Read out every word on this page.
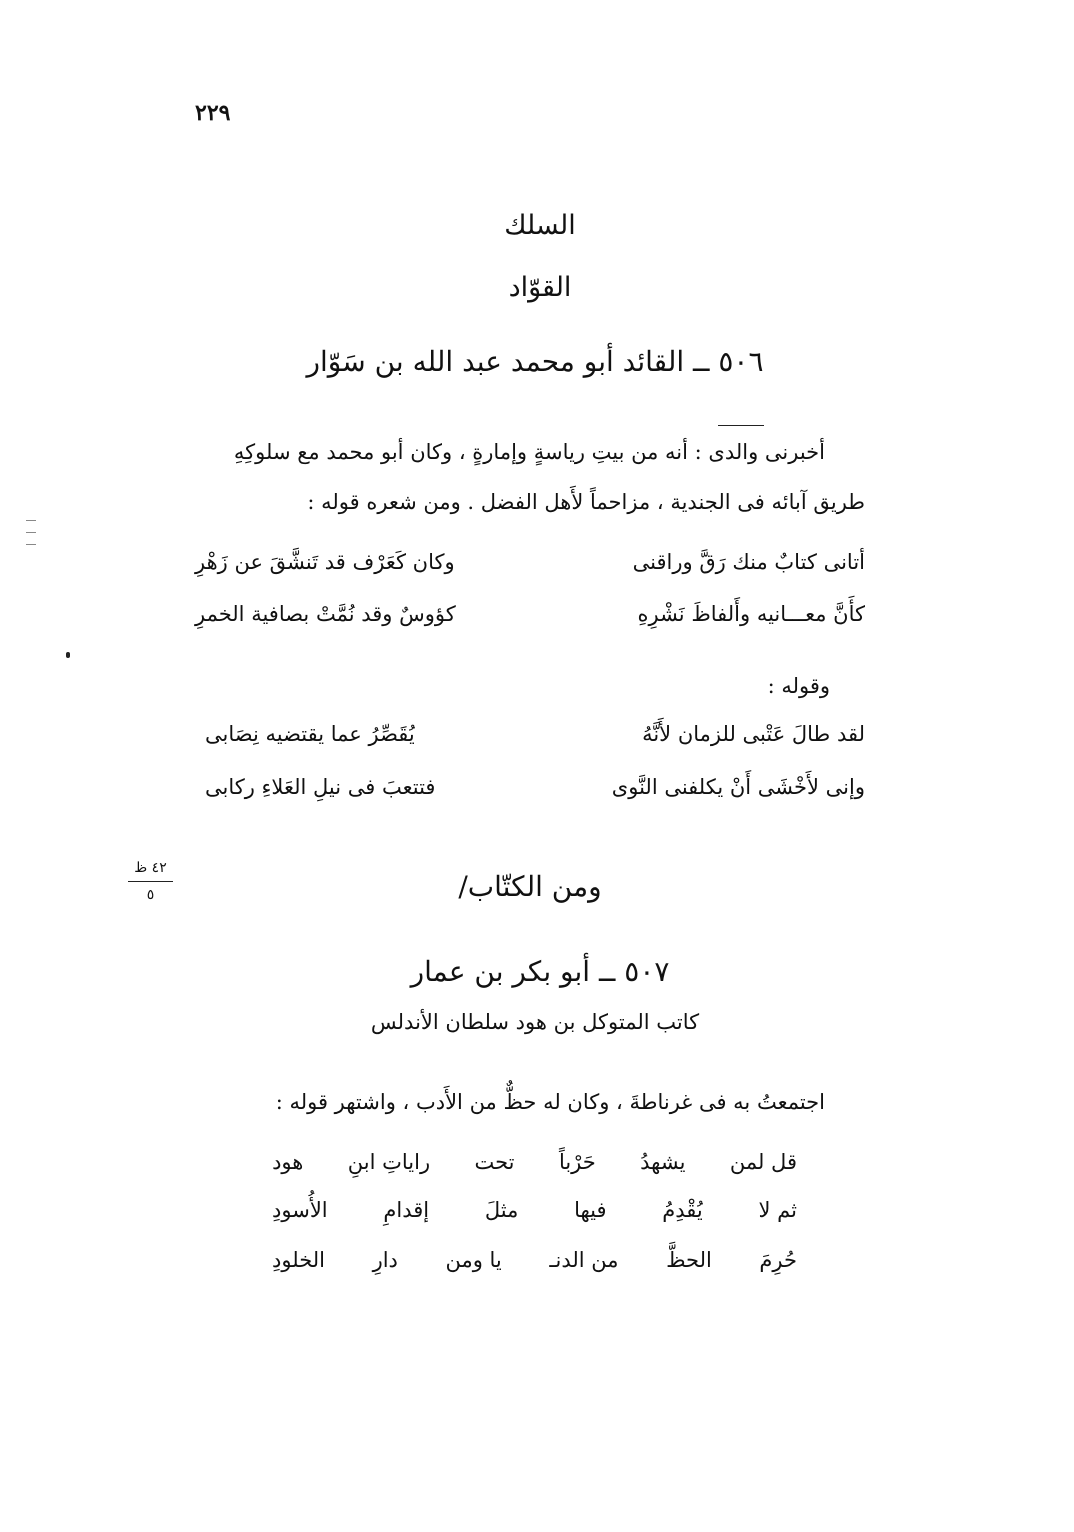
٢٢٩
السلك
القوّاد
٥٠٦ ــ القائد أبو محمد عبد الله بن سَوّار
أخبرنى والدى : أنه من بيتِ رياسةٍ وإمارةٍ ، وكان أبو محمد مع سلوكِهِ
طريق آبائه فى الجندية ، مزاحماً لأَهل الفضل . ومن شعره قوله :
أتانى كتابٌ منك رَقَّ وراقنى
وكان كَعَرْف قد تَنشَّقَ عن زَهْرِ
كأَنَّ معـــانيه وأَلفاظَ نَشْرِهِ
كؤوسٌ وقد نُمَّتْ بصافية الخمرِ
وقوله :
لقد طالَ عَتْبى للزمان لأَنَّهُ
يُقَصِّرُ عما يقتضيه نِصَابى
وإنى لأَخْشَى أَنْ يكلفنى النَّوى
فتتعبَ فى نيلِ العَلاءِ ركابى
٤٢ ظ
٥	/ومن الكتّاب
٥٠٧ ــ أبو بكر بن عمار
كاتب المتوكل بن هود سلطان الأندلس
اجتمعتُ به فى غرناطةَ ، وكان له حظٌّ من الأَدب ، واشتهر قوله :
قل لمن
يشهدُ
حَرْباً
تحت
راياتِ ابنِ
هود
ثم لا
يُقْدِمُ
فيها
مثلَ
إقدامِ
الأُسودِ
حُرِمَ
الحظَّ
من الدنـ
يا ومن
دارِ
الخلودِ
